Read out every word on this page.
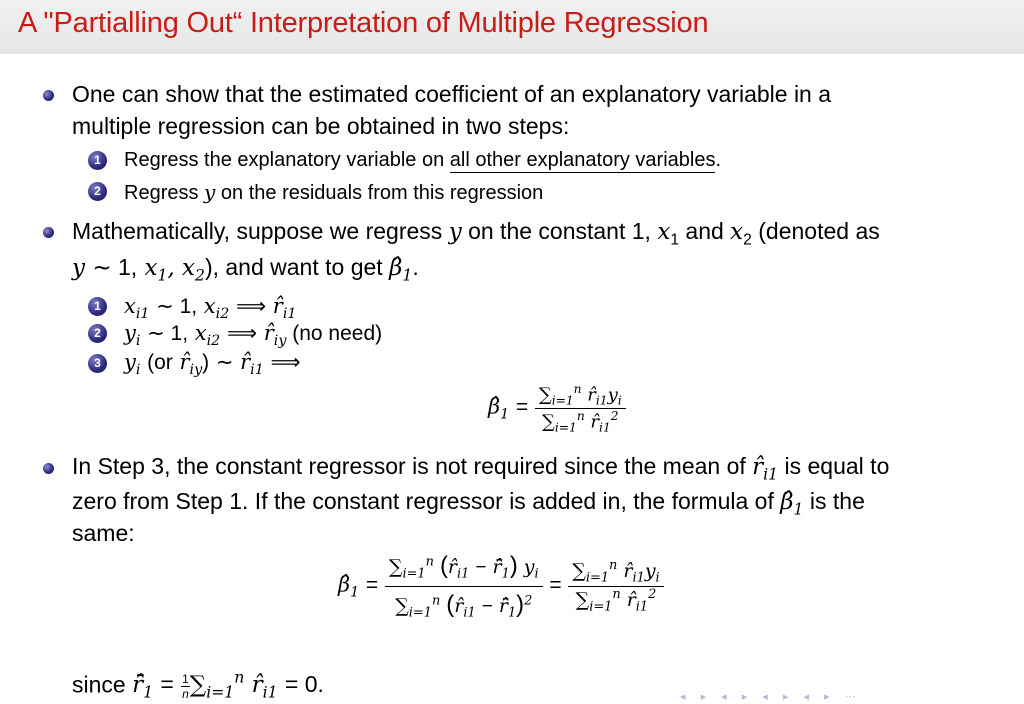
A "Partialling Out“ Interpretation of Multiple Regression
One can show that the estimated coefficient of an explanatory variable in a
multiple regression can be obtained in two steps:
1	Regress the explanatory variable on all other explanatory variables.
2	Regress y on the residuals from this regression
Mathematically, suppose we regress y on the constant 1, $x_1$ and $x_2$ (denoted as
y ∼ 1, $x_1$, $x_2$), and want to get $\betâ_1$.
1 $x_{i1}$ ∼ 1, $x_{i2}$ ⟹ $r̂_{i1}$
2 $y_i$ ∼ 1, $x_{i2}$ ⟹ $r̂_{iy}$ (no need)
3 $y_i$ (or $r̂_{iy}$) ∼ $r̂_{i1}$ ⟹
$\betâ_1 = \frac{\sum_{i=1}^n r̂_{i1}y_i}{\sum_{i=1}^n r̂_{i1}^2}$
In Step 3, the constant regressor is not required since the mean of $r̂_{i1}$ is equal to
zero from Step 1. If the constant regressor is added in, the formula of $\betâ_1$ is the
same:
$\betâ_1 = \frac{\sum_{i=1}^n (r̂_{i1} - r̄̂_1) y_i}{\sum_{i=1}^n (r̂_{i1} - r̄̂_1)^2} = \frac{\sum_{i=1}^n r̂_{i1}y_i}{\sum_{i=1}^n r̂_{i1}^2}$
since $r̄̂_1 = \frac{1}{n} \sum_{i=1}^n$ $r̂_{i1} = 0$.	◂ ▸ ◂ ▸ ◂ ▸ ◂ ▸ ⋯
